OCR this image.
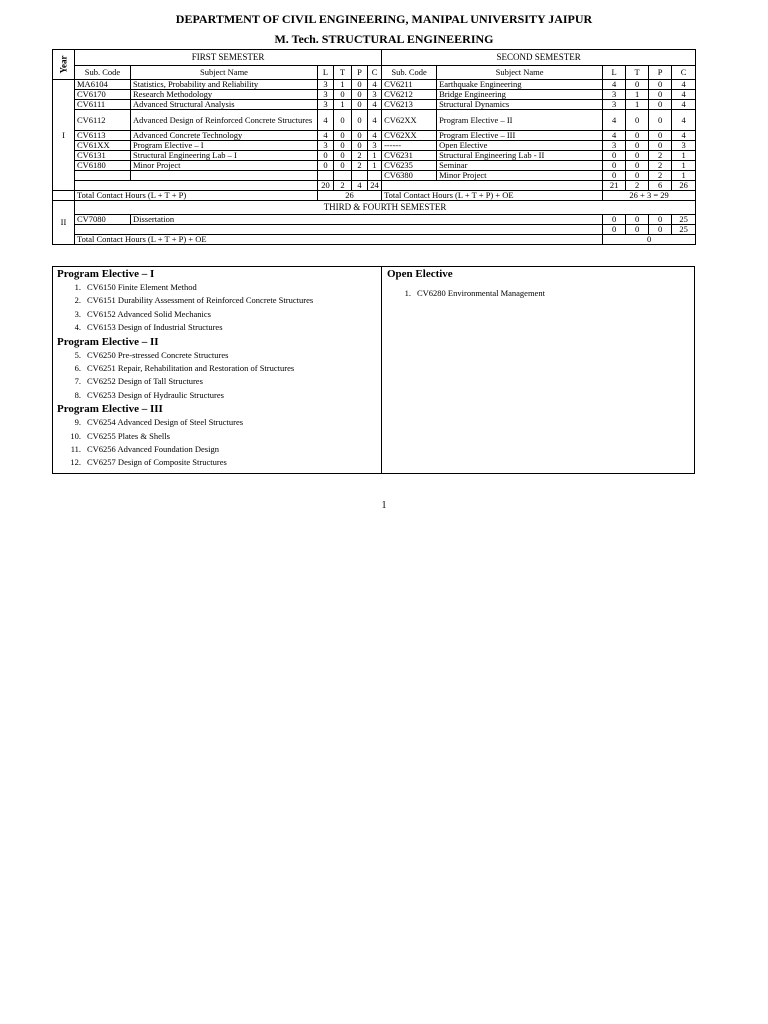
DEPARTMENT OF CIVIL ENGINEERING, MANIPAL UNIVERSITY JAIPUR
M. Tech. STRUCTURAL ENGINEERING
Year	FIRST SEMESTER						SECOND SEMESTER					
	Sub. Code	Subject Name	L	T	P	C	Sub. Code	Subject Name	L	T	P	C
I	MA6104	Statistics, Probability and Reliability	3	1	0	4	CV6211	Earthquake Engineering	4	0	0	4
	CV6170	Research Methodology	3	0	0	3	CV6212	Bridge Engineering	3	1	0	4
	CV6111	Advanced Structural Analysis	3	1	0	4	CV6213	Structural Dynamics	3	1	0	4
	CV6112	Advanced Design of Reinforced Concrete Structures	4	0	0	4	CV62XX	Program Elective – II	4	0	0	4
	CV6113	Advanced Concrete Technology	4	0	0	4	CV62XX	Program Elective – III	4	0	0	4
	CV61XX	Program Elective – I	3	0	0	3	------	Open Elective	3	0	0	3
	CV6131	Structural Engineering Lab – I	0	0	2	1	CV6231	Structural Engineering Lab - II	0	0	2	1
	CV6180	Minor Project	0	0	2	1	CV6235	Seminar	0	0	2	1
							CV6380	Minor Project	0	0	2	1
			20	2	4	24			21	2	6	26
	Total Contact Hours (L + T + P)		26				Total Contact Hours (L + T + P) + OE		26 + 3 = 29			
II	THIRD & FOURTH SEMESTER											
	CV7080	Dissertation							0	0	0	25
									0	0	0	25
	Total Contact Hours (L + T + P) + OE								0			
Program Elective – I
1. CV6150 Finite Element Method
2. CV6151 Durability Assessment of Reinforced Concrete Structures
3. CV6152 Advanced Solid Mechanics
4. CV6153 Design of Industrial Structures
Program Elective – II
5. CV6250 Pre-stressed Concrete Structures
6. CV6251 Repair, Rehabilitation and Restoration of Structures
7. CV6252 Design of Tall Structures
8. CV6253 Design of Hydraulic Structures
Program Elective – III
9. CV6254 Advanced Design of Steel Structures
10. CV6255 Plates & Shells
11. CV6256 Advanced Foundation Design
12. CV6257 Design of Composite Structures
Open Elective
1. CV6280 Environmental Management
1
